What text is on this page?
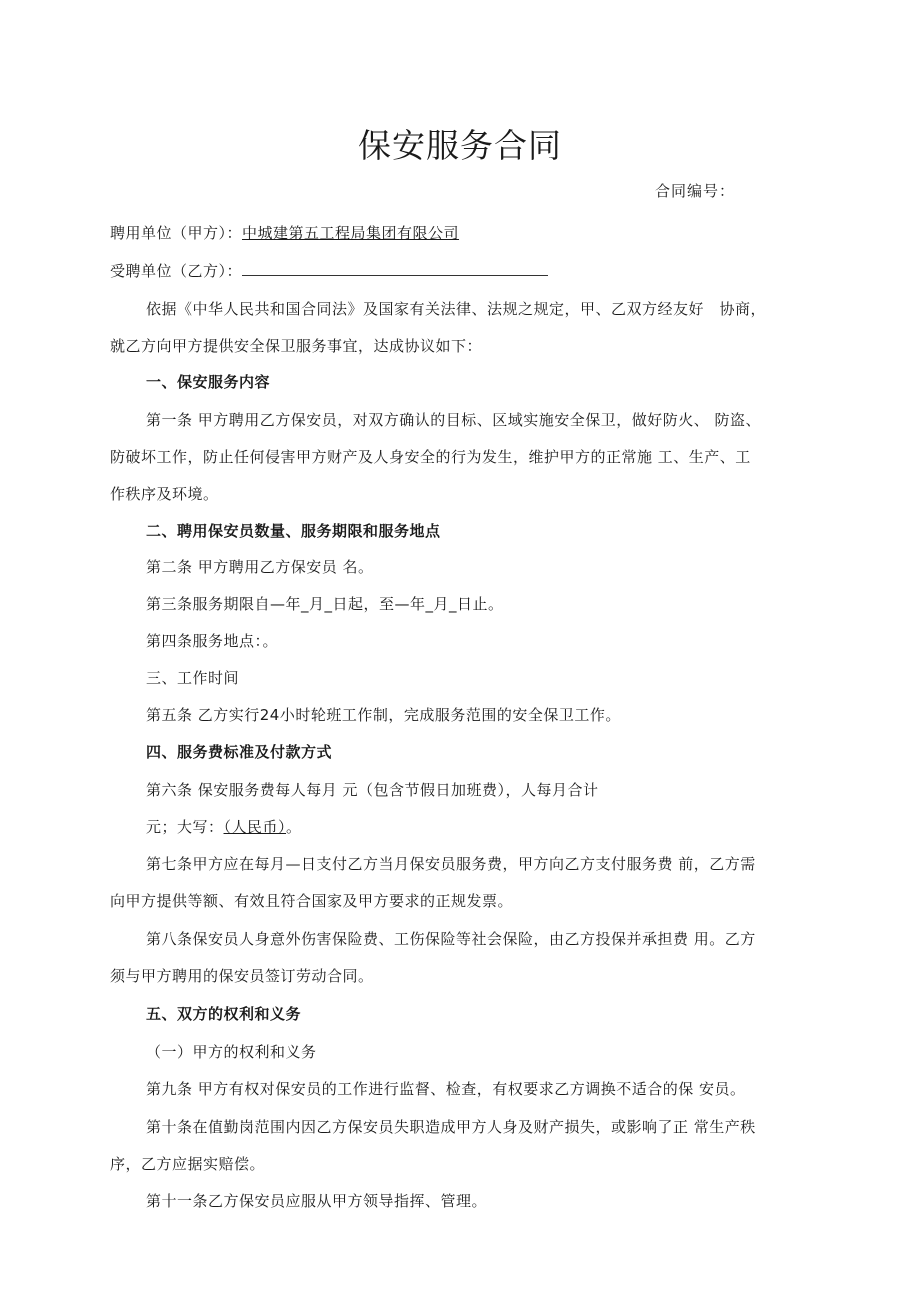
保安服务合同
合同编号：
聘用单位（甲方）：中城建第五工程局集团有限公司
受聘单位（乙方）：
依据《中华人民共和国合同法》及国家有关法律、法规之规定，甲、乙双方经友好　协商，
就乙方向甲方提供安全保卫服务事宜，达成协议如下：
一、保安服务内容
第一条 甲方聘用乙方保安员，对双方确认的目标、区域实施安全保卫，做好防火、 防盗、
防破坏工作，防止任何侵害甲方财产及人身安全的行为发生，维护甲方的正常施 工、生产、工
作秩序及环境。
二、聘用保安员数量、服务期限和服务地点
第二条 甲方聘用乙方保安员 名。
第三条服务期限自—年_月_日起，至—年_月_日止。
第四条服务地点：。
三、工作时间
第五条 乙方实行24小时轮班工作制，完成服务范围的安全保卫工作。
四、服务费标准及付款方式
第六条 保安服务费每人每月 元（包含节假日加班费），人每月合计
元；大写：（人民币）。
第七条甲方应在每月—日支付乙方当月保安员服务费，甲方向乙方支付服务费 前，乙方需
向甲方提供等额、有效且符合国家及甲方要求的正规发票。
第八条保安员人身意外伤害保险费、工伤保险等社会保险，由乙方投保并承担费 用。乙方
须与甲方聘用的保安员签订劳动合同。
五、双方的权利和义务
（一）甲方的权利和义务
第九条 甲方有权对保安员的工作进行监督、检查，有权要求乙方调换不适合的保 安员。
第十条在值勤岗范围内因乙方保安员失职造成甲方人身及财产损失，或影响了正 常生产秩
序，乙方应据实赔偿。
第十一条乙方保安员应服从甲方领导指挥、管理。
